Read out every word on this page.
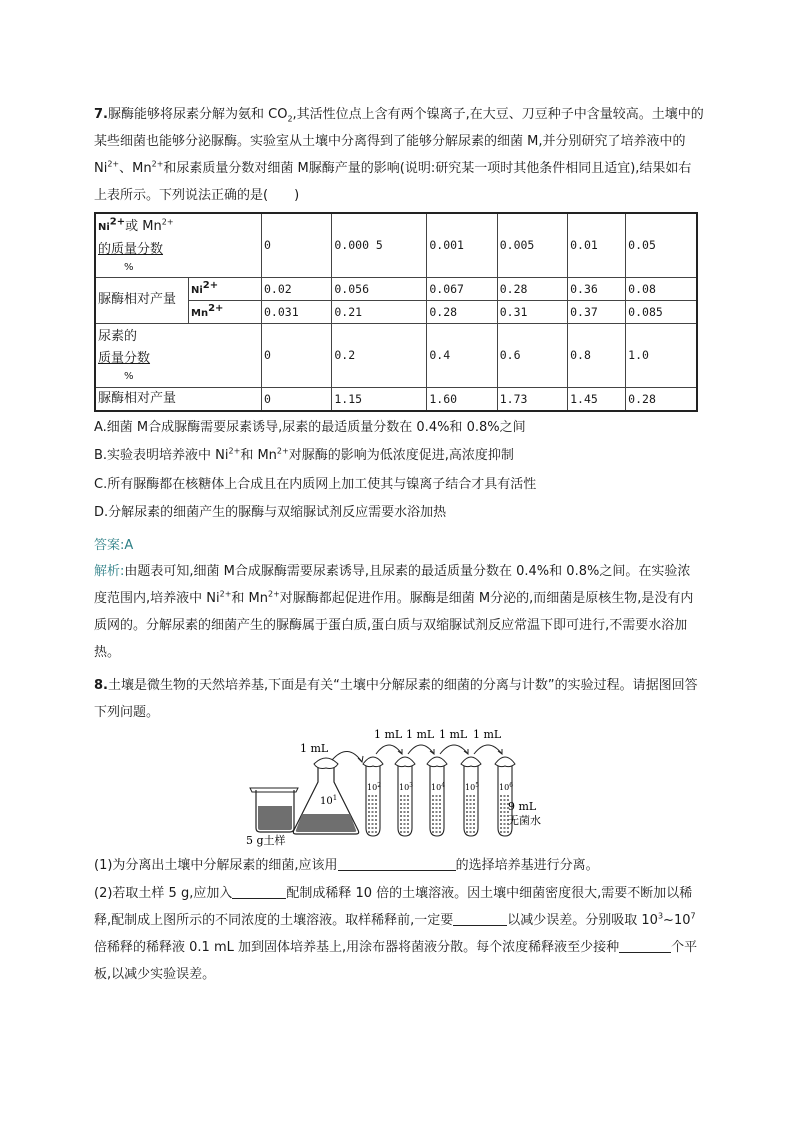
7.脲酶能够将尿素分解为氨和 $CO_2$,其活性位点上含有两个镍离子,在大豆、刀豆种子中含量较高。土壤中的某些细菌也能够分泌脲酶。实验室从土壤中分离得到了能够分解尿素的细菌 M,并分别研究了培养液中的 $Ni^{2+}$、$Mn^{2+}$和尿素质量分数对细菌 M脲酶产量的影响(说明:研究某一项时其他条件相同且适宜),结果如右上表所示。下列说法正确的是(　　)

$Ni^{2+}$或 $Mn^{2+}$
的质量分数
%		0	0.000 5	0.001	0.005	0.01	0.05
脲酶相对产量	$Ni^{2+}$	0.02	0.056	0.067	0.28	0.36	0.08
	$Mn^{2+}$	0.031	0.21	0.28	0.31	0.37	0.085
尿素的
质量分数
%		0	0.2	0.4	0.6	0.8	1.0
脲酶相对产量		0	1.15	1.60	1.73	1.45	0.28
A.细菌 M合成脲酶需要尿素诱导,尿素的最适质量分数在 0.4%和 0.8%之间
B.实验表明培养液中 $Ni^{2+}$和 $Mn^{2+}$对脲酶的影响为低浓度促进,高浓度抑制
C.所有脲酶都在核糖体上合成且在内质网上加工使其与镍离子结合才具有活性
D.分解尿素的细菌产生的脲酶与双缩脲试剂反应需要水浴加热
答案:A

解析:由题表可知,细菌 M合成脲酶需要尿素诱导,且尿素的最适质量分数在 0.4%和 0.8%之间。在实验浓度范围内,培养液中 $Ni^{2+}$和 $Mn^{2+}$对脲酶都起促进作用。脲酶是细菌 M分泌的,而细菌是原核生物,是没有内质网的。分解尿素的细菌产生的脲酶属于蛋白质,蛋白质与双缩脲试剂反应常温下即可进行,不需要水浴加热。

8.土壤是微生物的天然培养基,下面是有关“土壤中分解尿素的细菌的分离与计数”的实验过程。请据图回答下列问题。

5 g土样
$10^1$
1 mL
$10^2$
1 mL
$10^3$
1 mL
$10^4$
1 mL
$10^5$
1 mL
$10^6$
9 mL
无菌水

(1)为分离出土壤中分解尿素的细菌,应该用	的选择培养基进行分离。

(2)若取土样 5 g,应加入	配制成稀释 10 倍的土壤溶液。因土壤中细菌密度很大,需要不断加以稀释,配制成上图所示的不同浓度的土壤溶液。取样稀释前,一定要	以减少误差。分别吸取 $10^3\sim 10^7$倍稀释的稀释液 0.1 mL 加到固体培养基上,用涂布器将菌液分散。每个浓度稀释液至少接种	个平板,以减少实验误差。
